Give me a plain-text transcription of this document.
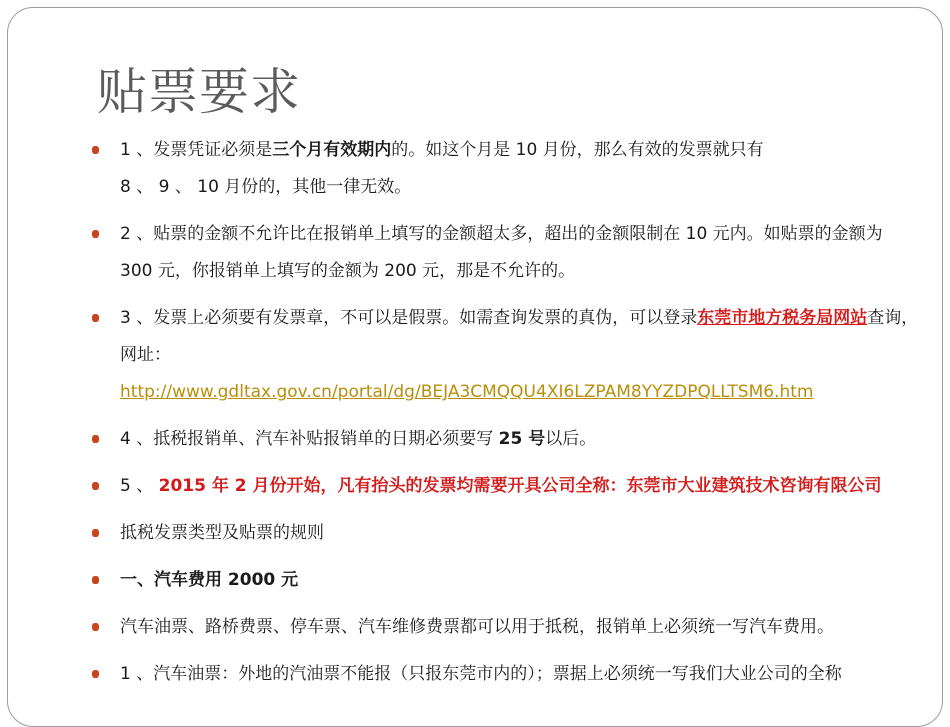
贴票要求
1 、发票凭证必须是三个月有效期内的。如这个月是 10 月份，那么有效的发票就只有
8 、 9 、 10 月份的，其他一律无效。
2 、贴票的金额不允许比在报销单上填写的金额超太多，超出的金额限制在 10 元内。如贴票的金额为 300 元，你报销单上填写的金额为 200 元，那是不允许的。
3 、发票上必须要有发票章，不可以是假票。如需查询发票的真伪，可以登录东莞市地方税务局网站查询，网址：
http://www.gdltax.gov.cn/portal/dg/BEJA3CMQQU4XI6LZPAM8YYZDPQLLTSM6.htm
4 、抵税报销单、汽车补贴报销单的日期必须要写 25 号以后。
5 、 2015 年 2 月份开始，凡有抬头的发票均需要开具公司全称：东莞市大业建筑技术咨询有限公司
抵税发票类型及贴票的规则
一、汽车费用 2000 元
汽车油票、路桥费票、停车票、汽车维修费票都可以用于抵税，报销单上必须统一写汽车费用。
1 、汽车油票：外地的汽油票不能报（只报东莞市内的）；票据上必须统一写我们大业公司的全称
